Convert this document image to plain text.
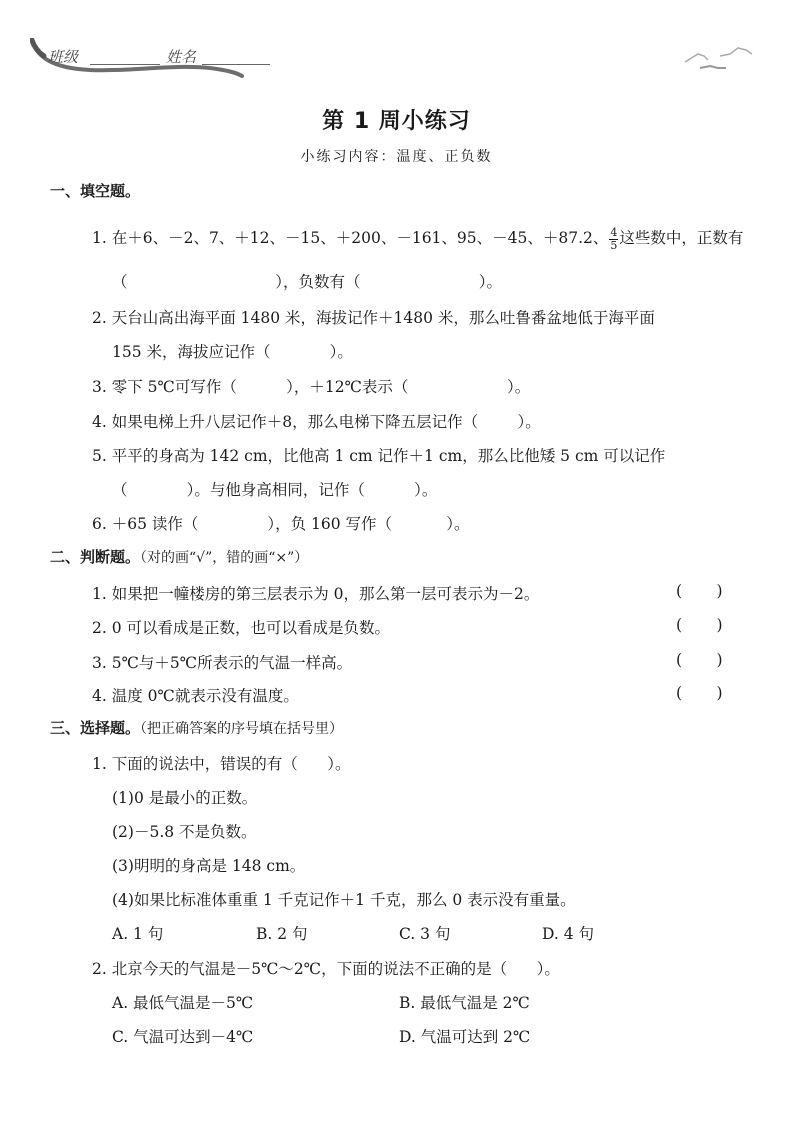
班级	姓名
第 1 周小练习
小练习内容：温度、正负数
一、填空题。
1. 在＋6、－2、7、＋12、－15、＋200、－161、95、－45、＋87.2、 $\frac{4}{5}$ 这些数中，正数有
（                              ），负数有（                        ）。
2. 天台山高出海平面 1480 米，海拔记作＋1480 米，那么吐鲁番盆地低于海平面
155 米，海拔应记作（            ）。
3. 零下 5℃可写作（          ），＋12℃表示（                    ）。
4. 如果电梯上升八层记作＋8，那么电梯下降五层记作（        ）。
5. 平平的身高为 142 cm，比他高 1 cm 记作＋1 cm，那么比他矮 5 cm 可以记作
（            ）。与他身高相同，记作（          ）。
6. ＋65 读作（              ），负 160 写作（           ）。
二、判断题。（对的画“√”，错的画“×”）
1. 如果把一幢楼房的第三层表示为 0，那么第一层可表示为－2。	(       )
2. 0 可以看成是正数，也可以看成是负数。	(       )
3. 5℃与＋5℃所表示的气温一样高。	(       )
4. 温度 0℃就表示没有温度。	(       )
三、选择题。（把正确答案的序号填在括号里）
1. 下面的说法中，错误的有（      ）。
(1)0 是最小的正数。
(2)－5.8 不是负数。
(3)明明的身高是 148 cm。
(4)如果比标准体重重 1 千克记作＋1 千克，那么 0 表示没有重量。
A. 1 句	B. 2 句	C. 3 句	D. 4 句
2. 北京今天的气温是－5℃～2℃，下面的说法不正确的是（      ）。
A. 最低气温是－5℃	B. 最低气温是 2℃
C. 气温可达到－4℃	D. 气温可达到 2℃
